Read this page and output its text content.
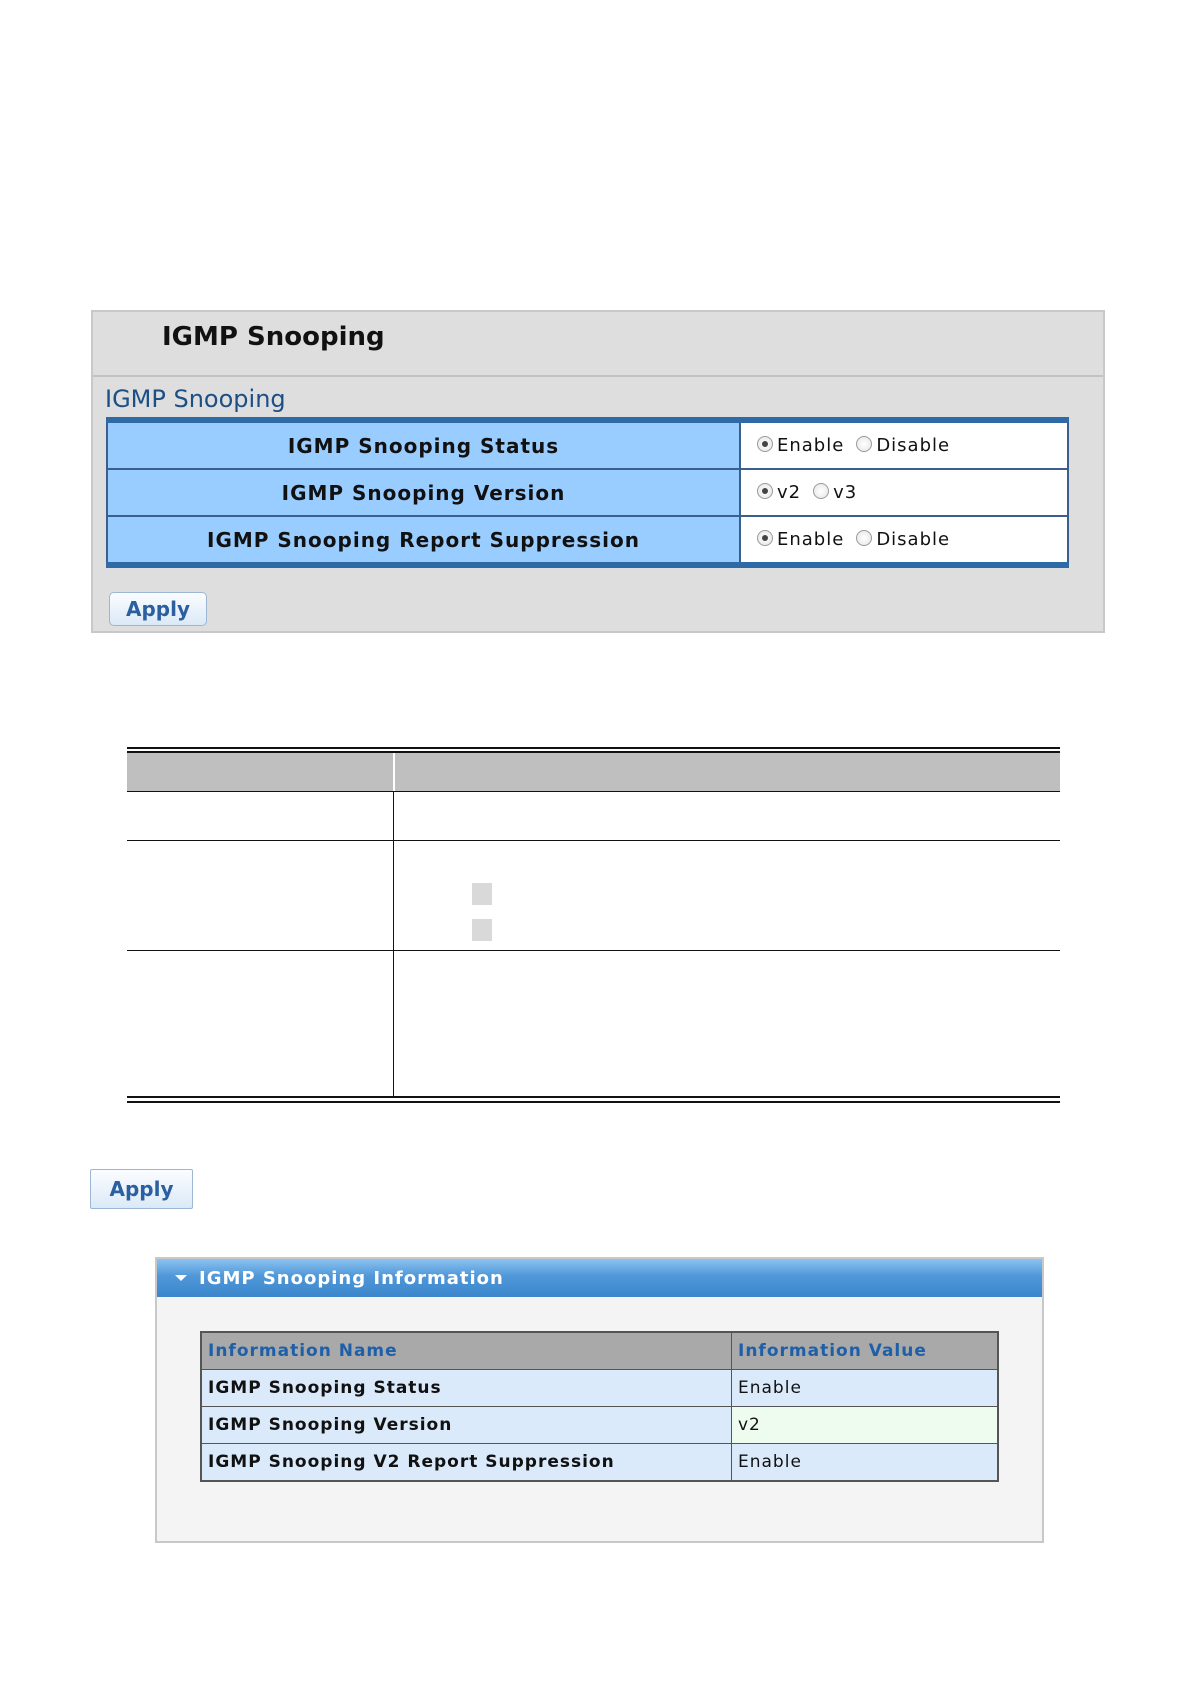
IGMP Snooping
IGMP Snooping
IGMP Snooping Status	Enable Disable
IGMP Snooping Version	v2 v3
IGMP Snooping Report Suppression	Enable Disable
Apply
Apply
IGMP Snooping Information
Information Name	Information Value
IGMP Snooping Status	Enable
IGMP Snooping Version	v2
IGMP Snooping V2 Report Suppression	Enable
